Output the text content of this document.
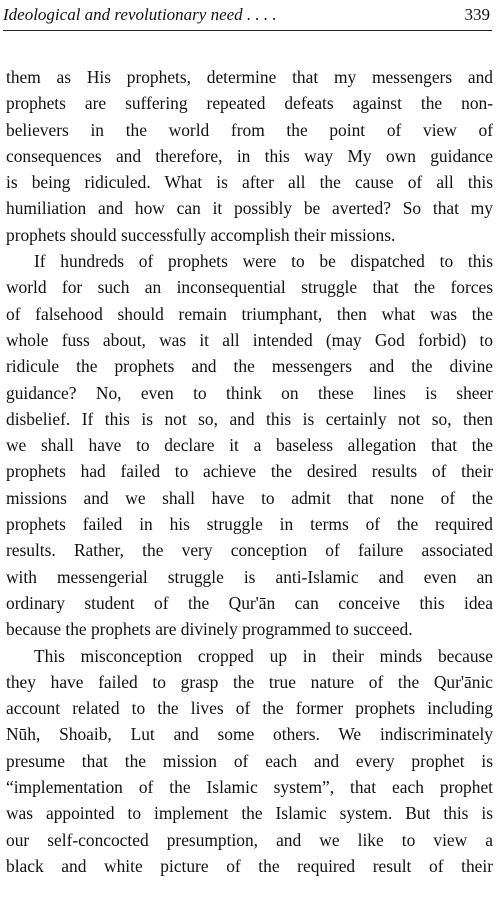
Ideological and revolutionary need . . . .	339
them as His prophets, determine that my messengers and
prophets are suffering repeated defeats against the non-
believers in the world from the point of view of
consequences and therefore, in this way My own guidance
is being ridiculed. What is after all the cause of all this
humiliation and how can it possibly be averted? So that my
prophets should successfully accomplish their missions.
If hundreds of prophets were to be dispatched to this
world for such an inconsequential struggle that the forces
of falsehood should remain triumphant, then what was the
whole fuss about, was it all intended (may God forbid) to
ridicule the prophets and the messengers and the divine
guidance? No, even to think on these lines is sheer
disbelief. If this is not so, and this is certainly not so, then
we shall have to declare it a baseless allegation that the
prophets had failed to achieve the desired results of their
missions and we shall have to admit that none of the
prophets failed in his struggle in terms of the required
results. Rather, the very conception of failure associated
with messengerial struggle is anti-Islamic and even an
ordinary student of the Qur'ān can conceive this idea
because the prophets are divinely programmed to succeed.
This misconception cropped up in their minds because
they have failed to grasp the true nature of the Qur'ānic
account related to the lives of the former prophets including
Nūh, Shoaib, Lut and some others. We indiscriminately
presume that the mission of each and every prophet is
“implementation of the Islamic system”, that each prophet
was appointed to implement the Islamic system. But this is
our self-concocted presumption, and we like to view a
black and white picture of the required result of their
